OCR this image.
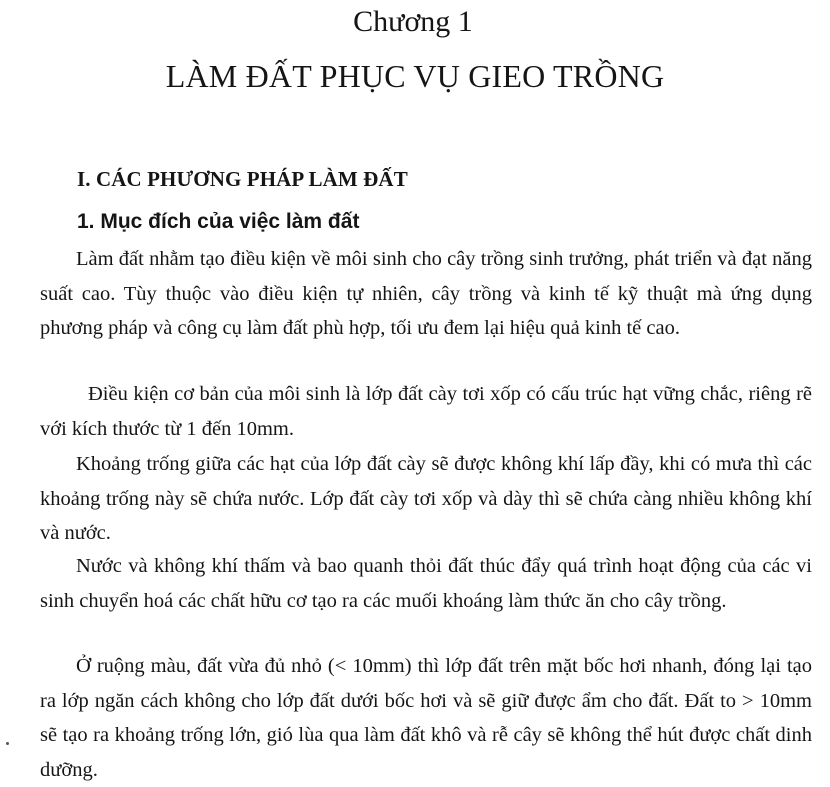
Chương 1
LÀM ĐẤT PHỤC VỤ GIEO TRỒNG
I. CÁC PHƯƠNG PHÁP LÀM ĐẤT
1. Mục đích của việc làm đất

Làm đất nhằm tạo điều kiện về môi sinh cho cây trồng sinh trưởng, phát triển và đạt năng suất cao. Tùy thuộc vào điều kiện tự nhiên, cây trồng và kinh tế kỹ thuật mà ứng dụng phương pháp và công cụ làm đất phù hợp, tối ưu đem lại hiệu quả kinh tế cao.

Điều kiện cơ bản của môi sinh là lớp đất cày tơi xốp có cấu trúc hạt vững chắc, riêng rẽ với kích thước từ 1 đến 10mm.

Khoảng trống giữa các hạt của lớp đất cày sẽ được không khí lấp đầy, khi có mưa thì các khoảng trống này sẽ chứa nước. Lớp đất cày tơi xốp và dày thì sẽ chứa càng nhiều không khí và nước.

Nước và không khí thấm và bao quanh thỏi đất thúc đẩy quá trình hoạt động của các vi sinh chuyển hoá các chất hữu cơ tạo ra các muối khoáng làm thức ăn cho cây trồng.

Ở ruộng màu, đất vừa đủ nhỏ (< 10mm) thì lớp đất trên mặt bốc hơi nhanh, đóng lại tạo ra lớp ngăn cách không cho lớp đất dưới bốc hơi và sẽ giữ được ẩm cho đất. Đất to > 10mm sẽ tạo ra khoảng trống lớn, gió lùa qua làm đất khô và rễ cây sẽ không thể hút được chất dinh dưỡng.
